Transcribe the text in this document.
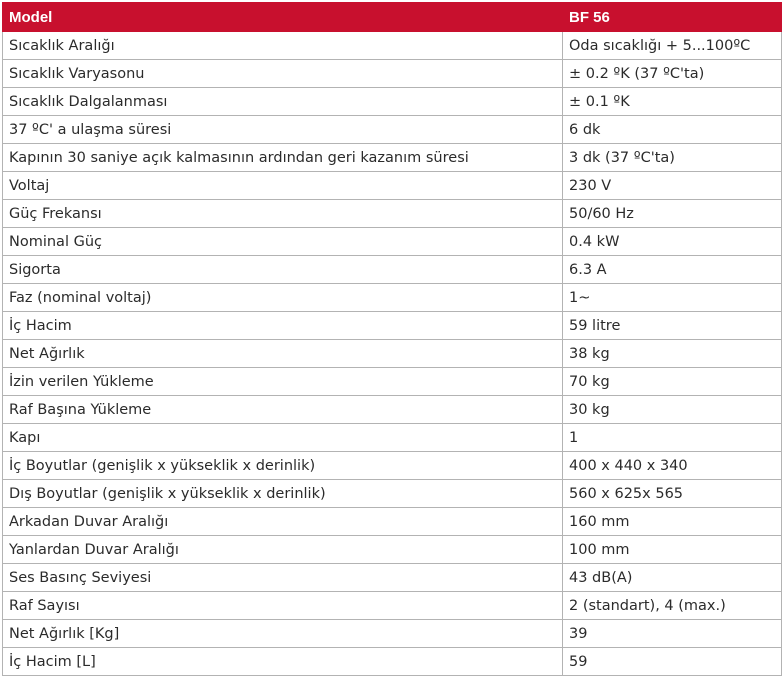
Model	BF 56
Sıcaklık Aralığı	Oda sıcaklığı + 5...100ºC
Sıcaklık Varyasonu	± 0.2 ºK (37 ºC'ta)
Sıcaklık Dalgalanması	± 0.1 ºK
37 ºC' a ulaşma süresi	6 dk
Kapının 30 saniye açık kalmasının ardından geri kazanım süresi	3 dk (37 ºC'ta)
Voltaj	230 V
Güç Frekansı	50/60 Hz
Nominal Güç	0.4 kW
Sigorta	6.3 A
Faz (nominal voltaj)	1~
İç Hacim	59 litre
Net Ağırlık	38 kg
İzin verilen Yükleme	70 kg
Raf Başına Yükleme	30 kg
Kapı	1
İç Boyutlar (genişlik x yükseklik x derinlik)	400 x 440 x 340
Dış Boyutlar (genişlik x yükseklik x derinlik)	560 x 625x 565
Arkadan Duvar Aralığı	160 mm
Yanlardan Duvar Aralığı	100 mm
Ses Basınç Seviyesi	43 dB(A)
Raf Sayısı	2 (standart), 4 (max.)
Net Ağırlık [Kg]	39
İç Hacim [L]	59
